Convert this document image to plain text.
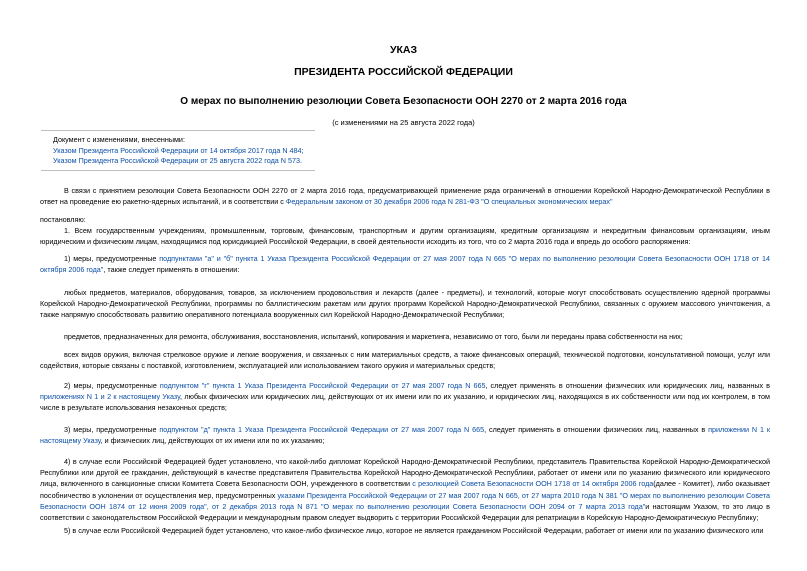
УКАЗ
ПРЕЗИДЕНТА РОССИЙСКОЙ ФЕДЕРАЦИИ
О мерах по выполнению резолюции Совета Безопасности ООН 2270 от 2 марта 2016 года
(с изменениями на 25 августа 2022 года)
Документ с изменениями, внесенными:
Указом Президента Российской Федерации от 14 октября 2017 года N 484;
Указом Президента Российской Федерации от 25 августа 2022 года N 573.

В связи с принятием резолюции Совета Безопасности ООН 2270 от 2 марта 2016 года, предусматривающей применение ряда ограничений в отношении Корейской Народно-Демократической Республики в ответ на проведение ею ракетно-ядерных испытаний, и в соответствии с Федеральным законом от 30 декабря 2006 года N 281-ФЗ "О специальных экономических мерах"

постановляю:

1. Всем государственным учреждениям, промышленным, торговым, финансовым, транспортным и другим организациям, кредитным организациям и некредитным финансовым организациям, иным юридическим и физическим лицам, находящимся под юрисдикцией Российской Федерации, в своей деятельности исходить из того, что со 2 марта 2016 года и впредь до особого распоряжения:

1) меры, предусмотренные подпунктами "а" и "б" пункта 1 Указа Президента Российской Федерации от 27 мая 2007 года N 665 "О мерах по выполнению резолюции Совета Безопасности ООН 1718 от 14 октября 2006 года", также следует применять в отношении:

любых предметов, материалов, оборудования, товаров, за исключением продовольствия и лекарств (далее - предметы), и технологий, которые могут способствовать осуществлению ядерной программы Корейской Народно-Демократической Республики, программы по баллистическим ракетам или других программ Корейской Народно-Демократической Республики, связанных с оружием массового уничтожения, а также напрямую способствовать развитию оперативного потенциала вооруженных сил Корейской Народно-Демократической Республики;

предметов, предназначенных для ремонта, обслуживания, восстановления, испытаний, копирования и маркетинга, независимо от того, были ли переданы права собственности на них;

всех видов оружия, включая стрелковое оружие и легкие вооружения, и связанных с ним материальных средств, а также финансовых операций, технической подготовки, консультативной помощи, услуг или содействия, которые связаны с поставкой, изготовлением, эксплуатацией или использованием такого оружия и материальных средств;

2) меры, предусмотренные подпунктом "г" пункта 1 Указа Президента Российской Федерации от 27 мая 2007 года N 665, следует применять в отношении физических или юридических лиц, названных в приложениях N 1 и 2 к настоящему Указу, любых физических или юридических лиц, действующих от их имени или по их указанию, и юридических лиц, находящихся в их собственности или под их контролем, в том числе в результате использования незаконных средств;

3) меры, предусмотренные подпунктом "д" пункта 1 Указа Президента Российской Федерации от 27 мая 2007 года N 665, следует применять в отношении физических лиц, названных в приложении N 1 к настоящему Указу, и физических лиц, действующих от их имени или по их указанию;

4) в случае если Российской Федерацией будет установлено, что какой-либо дипломат Корейской Народно-Демократической Республики, представитель Правительства Корейской Народно-Демократической Республики или другой ее гражданин, действующий в качестве представителя Правительства Корейской Народно-Демократической Республики, работает от имени или по указанию физического или юридического лица, включенного в санкционные списки Комитета Совета Безопасности ООН, учрежденного в соответствии с резолюцией Совета Безопасности ООН 1718 от 14 октября 2006 года(далее - Комитет), либо оказывает пособничество в уклонении от осуществления мер, предусмотренных указами Президента Российской Федерации от 27 мая 2007 года N 665, от 27 марта 2010 года N 381 "О мерах по выполнению резолюции Совета Безопасности ООН 1874 от 12 июня 2009 года", от 2 декабря 2013 года N 871 "О мерах по выполнению резолюции Совета Безопасности ООН 2094 от 7 марта 2013 года"и настоящим Указом, то это лицо в соответствии с законодательством Российской Федерации и международным правом следует выдворить с территории Российской Федерации для репатриации в Корейскую Народно-Демократическую Республику;

5) в случае если Российской Федерацией будет установлено, что какое-либо физическое лицо, которое не является гражданином Российской Федерации, работает от имени или по указанию физического или
